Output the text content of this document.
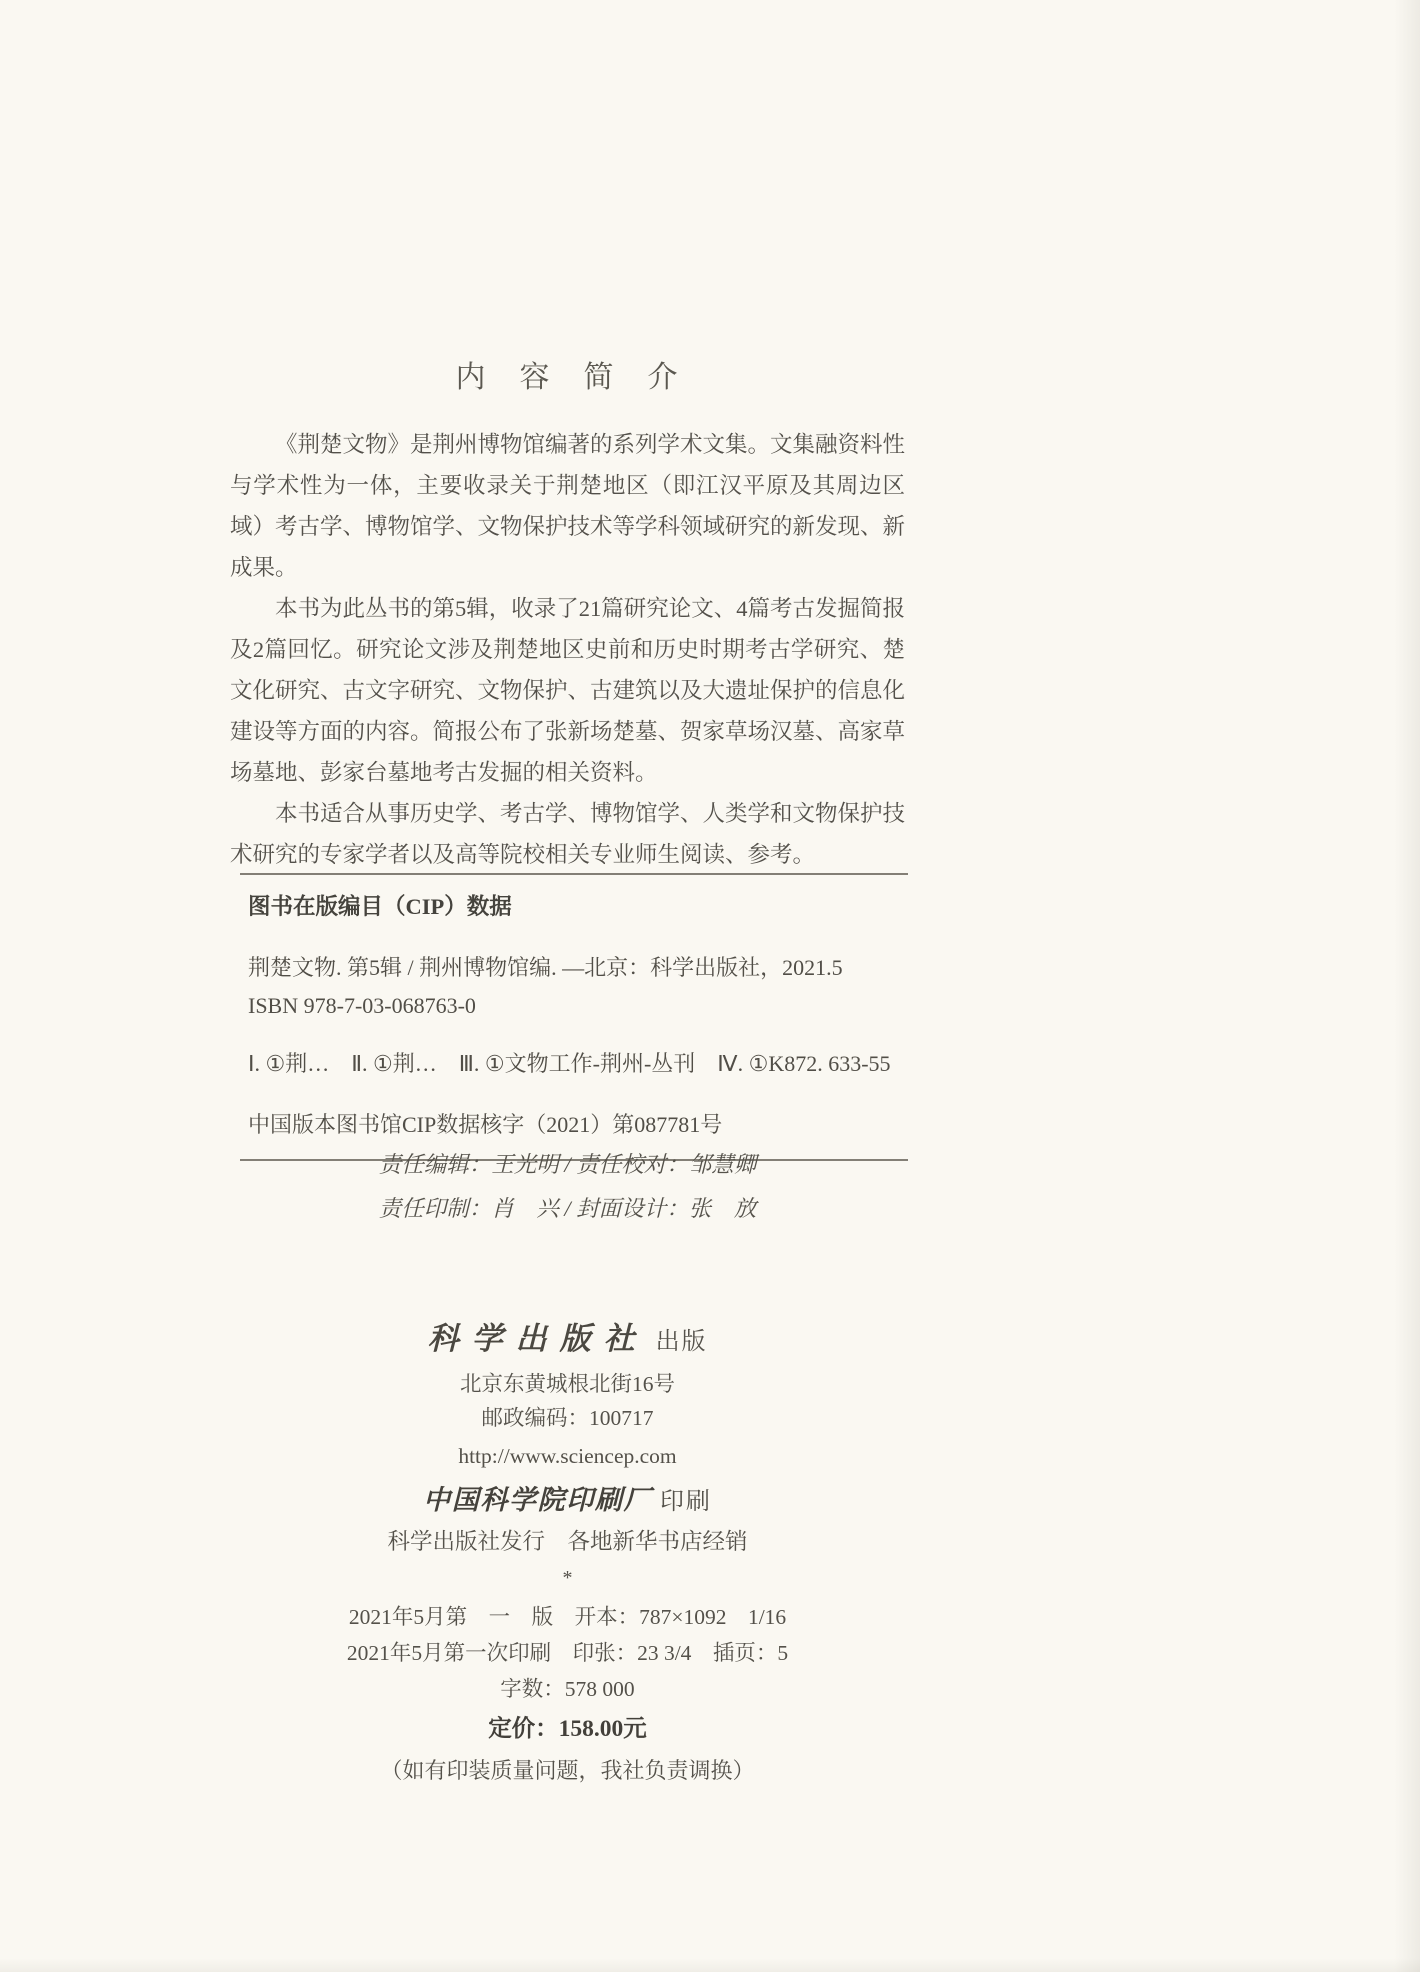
内　容　简　介

《荆楚文物》是荆州博物馆编著的系列学术文集。文集融资料性与学术性为一体，主要收录关于荆楚地区（即江汉平原及其周边区域）考古学、博物馆学、文物保护技术等学科领域研究的新发现、新成果。

本书为此丛书的第5辑，收录了21篇研究论文、4篇考古发掘简报及2篇回忆。研究论文涉及荆楚地区史前和历史时期考古学研究、楚文化研究、古文字研究、文物保护、古建筑以及大遗址保护的信息化建设等方面的内容。简报公布了张新场楚墓、贺家草场汉墓、高家草场墓地、彭家台墓地考古发掘的相关资料。

本书适合从事历史学、考古学、博物馆学、人类学和文物保护技术研究的专家学者以及高等院校相关专业师生阅读、参考。

图书在版编目（CIP）数据

荆楚文物. 第5辑 / 荆州博物馆编. —北京：科学出版社，2021.5

ISBN 978-7-03-068763-0

Ⅰ. ①荆…　Ⅱ. ①荆…　Ⅲ. ①文物工作-荆州-丛刊　Ⅳ. ①K872. 633-55

中国版本图书馆CIP数据核字（2021）第087781号

责任编辑：王光明 / 责任校对：邹慧卿
责任印制：肖　兴 / 封面设计：张　放

科学出版社 出版

北京东黄城根北街16号

邮政编码：100717

http://www.sciencep.com

中国科学院印刷厂 印刷

科学出版社发行　各地新华书店经销

*

2021年5月第　一　版　开本：787×1092　1/16

2021年5月第一次印刷　印张：23 3/4　插页：5

字数：578 000

定价：158.00元

（如有印装质量问题，我社负责调换）
